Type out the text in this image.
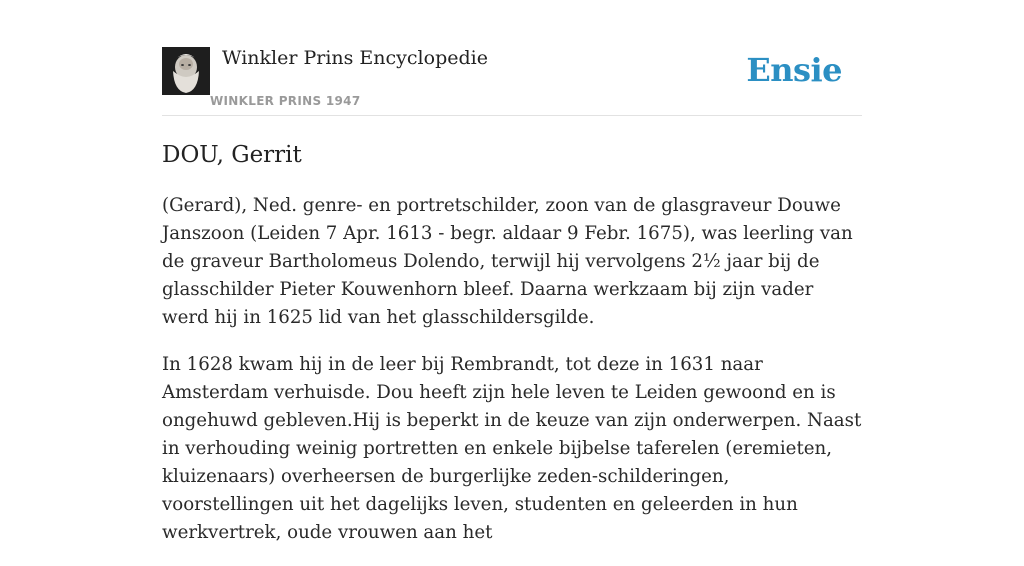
Winkler Prins Encyclopedie
WINKLER PRINS 1947
Ensie
DOU, Gerrit

(Gerard), Ned. genre- en portretschilder, zoon van de glasgraveur Douwe Janszoon (Leiden 7 Apr. 1613 - begr. aldaar 9 Febr. 1675), was leerling van de graveur Bartholomeus Dolendo, terwijl hij vervolgens 2½ jaar bij de glasschilder Pieter Kouwenhorn bleef. Daarna werkzaam bij zijn vader werd hij in 1625 lid van het glasschildersgilde.

In 1628 kwam hij in de leer bij Rembrandt, tot deze in 1631 naar Amsterdam verhuisde. Dou heeft zijn hele leven te Leiden gewoond en is ongehuwd gebleven.Hij is beperkt in de keuze van zijn onderwerpen. Naast in verhouding weinig portretten en enkele bijbelse taferelen (eremieten, kluizenaars) overheersen de burgerlijke zeden-schilderingen, voorstellingen uit het dagelijks leven, studenten en geleerden in hun werkvertrek, oude vrouwen aan het
